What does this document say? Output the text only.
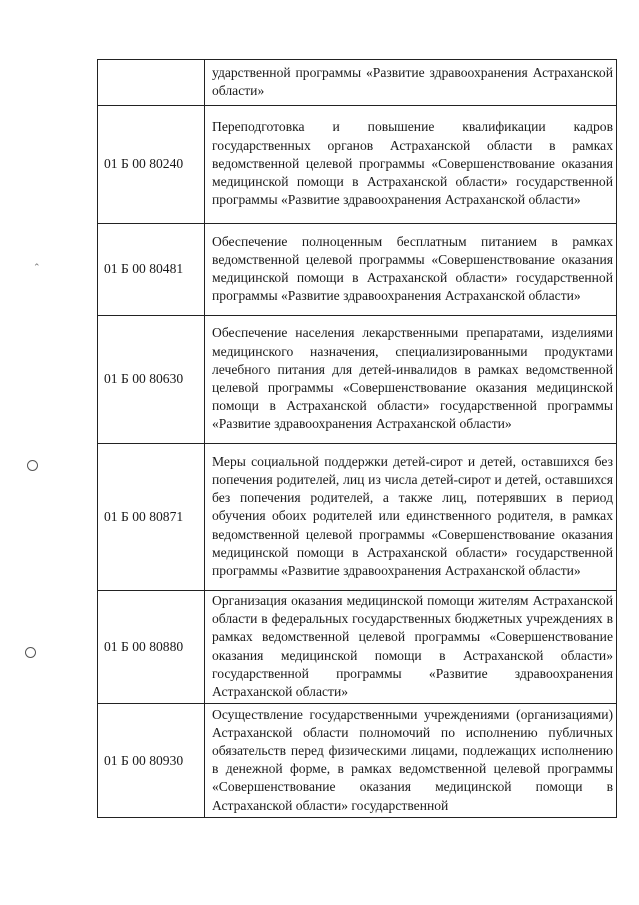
⌃
	ударственной программы «Развитие здравоохранения Астраханской области»
01 Б 00 80240	Переподготовка и повышение квалификации кадров государственных органов Астраханской области в рамках ведомственной целевой программы «Совершенствование оказания медицинской помощи в Астраханской области» государственной программы «Развитие здравоохранения Астраханской области»
01 Б 00 80481	Обеспечение полноценным бесплатным питанием в рамках ведомственной целевой программы «Совершенствование оказания медицинской помощи в Астраханской области» государственной программы «Развитие здравоохранения Астраханской области»
01 Б 00 80630	Обеспечение населения лекарственными препаратами, изделиями медицинского назначения, специализированными продуктами лечебного питания для детей-инвалидов в рамках ведомственной целевой программы «Совершенствование оказания медицинской помощи в Астраханской области» государственной программы «Развитие здравоохранения Астраханской области»
01 Б 00 80871	Меры социальной поддержки детей-сирот и детей, оставшихся без попечения родителей, лиц из числа детей-сирот и детей, оставшихся без попечения родителей, а также лиц, потерявших в период обучения обоих родителей или единственного родителя, в рамках ведомственной целевой программы «Совершенствование оказания медицинской помощи в Астраханской области» государственной программы «Развитие здравоохранения Астраханской области»
01 Б 00 80880	Организация оказания медицинской помощи жителям Астраханской области в федеральных государственных бюджетных учреждениях в рамках ведомственной целевой программы «Совершенствование оказания медицинской помощи в Астраханской области» государственной программы «Развитие здравоохранения Астраханской области»
01 Б 00 80930	Осуществление государственными учреждениями (организациями) Астраханской области полномочий по исполнению публичных обязательств перед физическими лицами, подлежащих исполнению в денежной форме, в рамках ведомственной целевой программы «Совершенствование оказания медицинской помощи в Астраханской области» государственной
